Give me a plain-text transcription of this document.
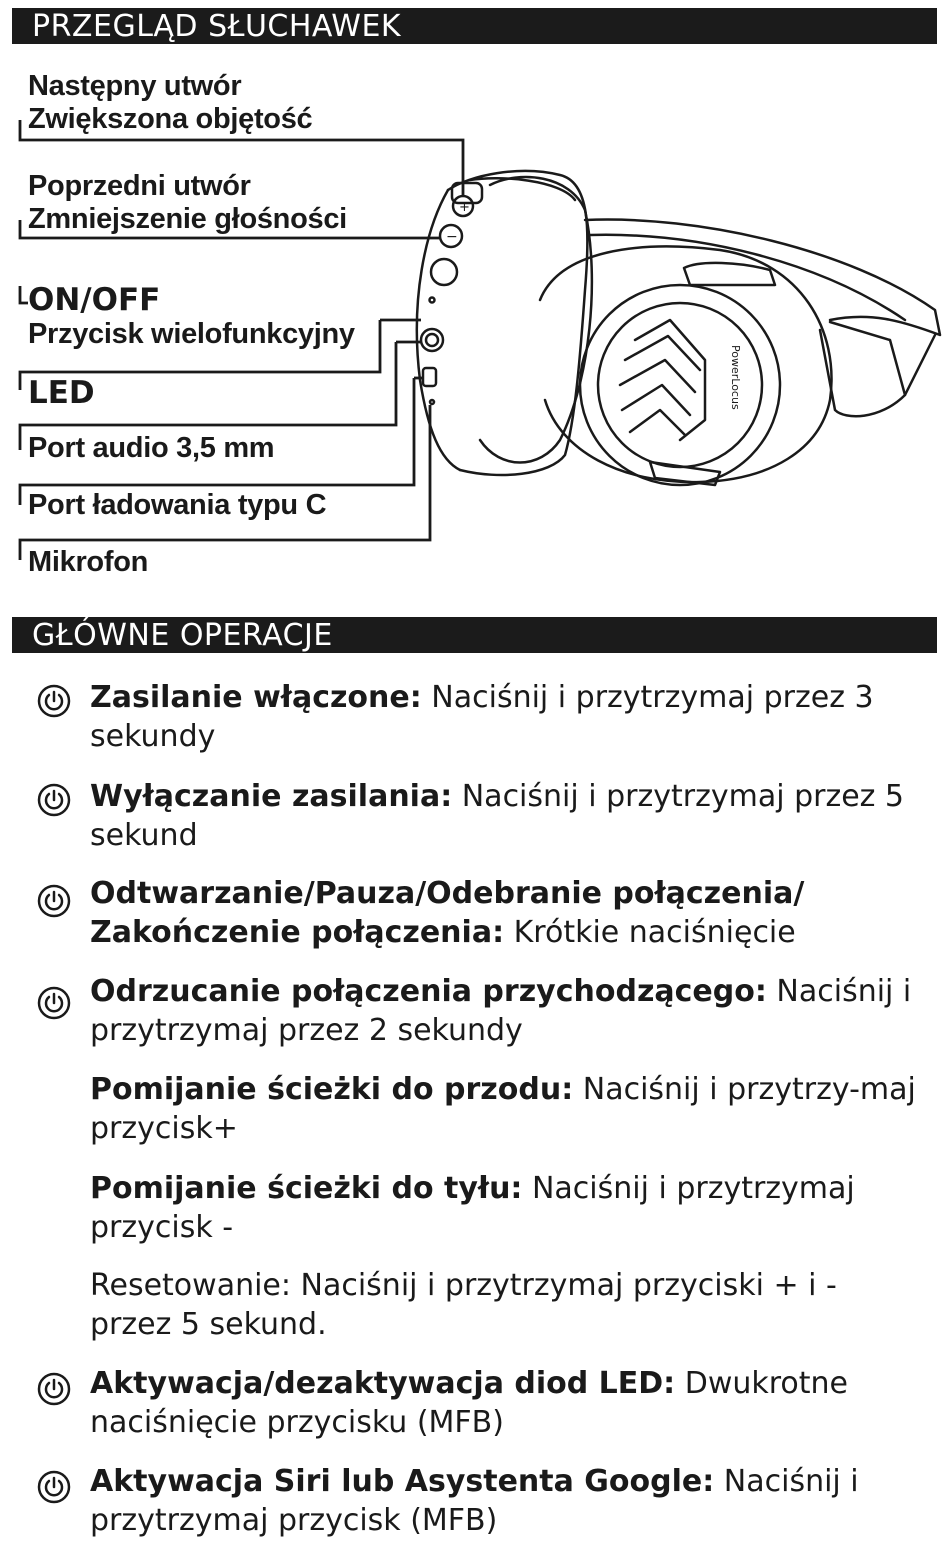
PRZEGLĄD SŁUCHAWEK
+
−
PowerLocus
Następny utwór
Zwiększona objętość
Poprzedni utwór
Zmniejszenie głośności
ON/OFF
Przycisk wielofunkcyjny
LED
Port audio 3,5 mm
Port ładowania typu C
Mikrofon
GŁÓWNE OPERACJE
Zasilanie włączone: Naciśnij i przytrzymaj przez 3 sekundy
Wyłączanie zasilania: Naciśnij i przytrzymaj przez 5 sekund
Odtwarzanie/Pauza/Odebranie połączenia/ Zakończenie połączenia: Krótkie naciśnięcie
Odrzucanie połączenia przychodzącego: Naciśnij i przytrzymaj przez 2 sekundy
Pomijanie ścieżki do przodu: Naciśnij i przytrzy-maj przycisk+
Pomijanie ścieżki do tyłu: Naciśnij i przytrzymaj przycisk -
Resetowanie: Naciśnij i przytrzymaj przyciski + i - przez 5 sekund.
Aktywacja/dezaktywacja diod LED: Dwukrotne naciśnięcie przycisku (MFB)
Aktywacja Siri lub Asystenta Google: Naciśnij i przytrzymaj przycisk (MFB)
